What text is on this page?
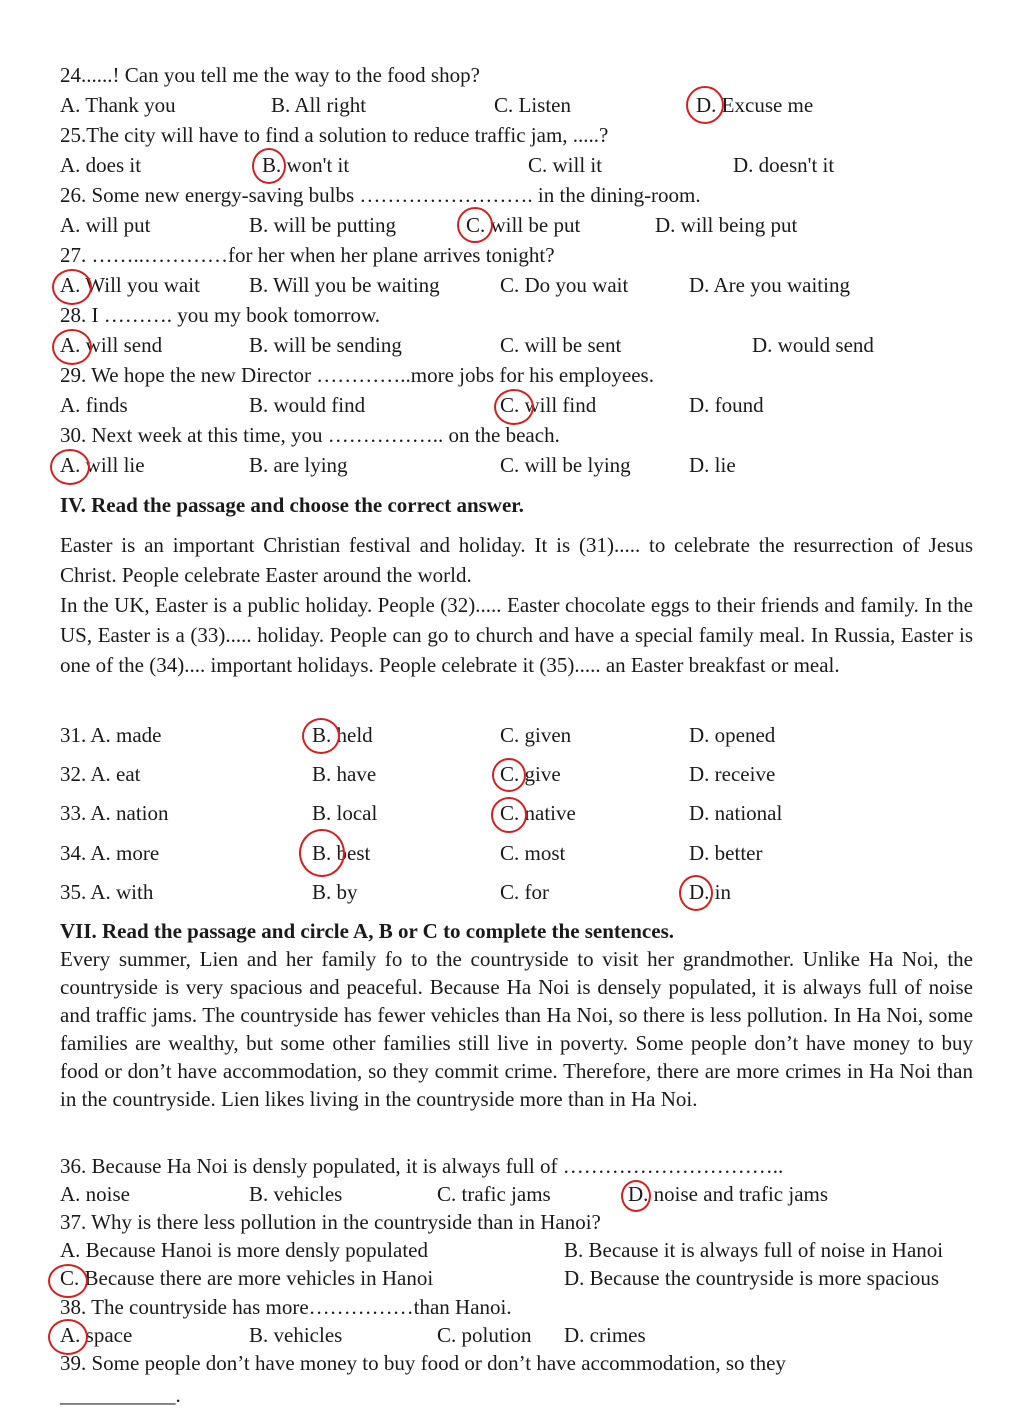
24......! Can you tell me the way to the food shop?
A. Thank you	B. All right	C. Listen	D. Excuse me
25.The city will have to find a solution to reduce traffic jam, .....?
A. does it	B. won't it	C. will it	D. doesn't it
26. Some new energy-saving bulbs ……………………. in the dining-room.
A. will put	B. will be putting	C. will be put	D. will being put
27. ……..…………for her when her plane arrives tonight?
A. Will you wait B. Will you be waiting	C. Do you wait	D. Are you waiting
28. I ………. you my book tomorrow.
A. will send	B. will be sending	C. will be sent	D. would send
29. We hope the new Director …………..more jobs for his employees.
A. finds	B. would find	C. will find	D. found
30. Next week at this time, you …………….. on the beach.
A. will lie	B. are lying	C. will be lying	D. lie
IV. Read the passage and choose the correct answer.

Easter is an important Christian festival and holiday. It is (31)..... to celebrate the resurrection of Jesus Christ. People celebrate Easter around the world.

In the UK, Easter is a public holiday. People (32)..... Easter chocolate eggs to their friends and family. In the US, Easter is a (33)..... holiday. People can go to church and have a special family meal. In Russia, Easter is one of the (34).... important holidays. People celebrate it (35)..... an Easter breakfast or meal.

31. A. made	B. held	C. given	D. opened
32. A. eat	B. have	C. give	D. receive
33. A. nation	B. local	C. native	D. national
34. A. more	B. best	C. most	D. better
35. A. with	B. by	C. for	D. in
VII. Read the passage and circle A, B or C to complete the sentences.

Every summer, Lien and her family fo to the countryside to visit her grandmother. Unlike Ha Noi, the countryside is very spacious and peaceful. Because Ha Noi is densely populated, it is always full of noise and traffic jams. The countryside has fewer vehicles than Ha Noi, so there is less pollution. In Ha Noi, some families are wealthy, but some other families still live in poverty. Some people don’t have money to buy food or don’t have accommodation, so they commit crime. Therefore, there are more crimes in Ha Noi than in the countryside. Lien likes living in the countryside more than in Ha Noi.

36. Because Ha Noi is densly populated, it is always full of …………………………..
A. noise	B. vehicles	C. trafic jams	D. noise and trafic jams
37. Why is there less pollution in the countryside than in Hanoi?
A. Because Hanoi is more densly populated	B. Because it is always full of noise in Hanoi
C. Because there are more vehicles in Hanoi	D. Because the countryside is more spacious
38. The countryside has more……………than Hanoi.
A. space	B. vehicles	C. polution D. crimes
39. Some people don’t have money to buy food or don’t have accommodation, so they
___________.
